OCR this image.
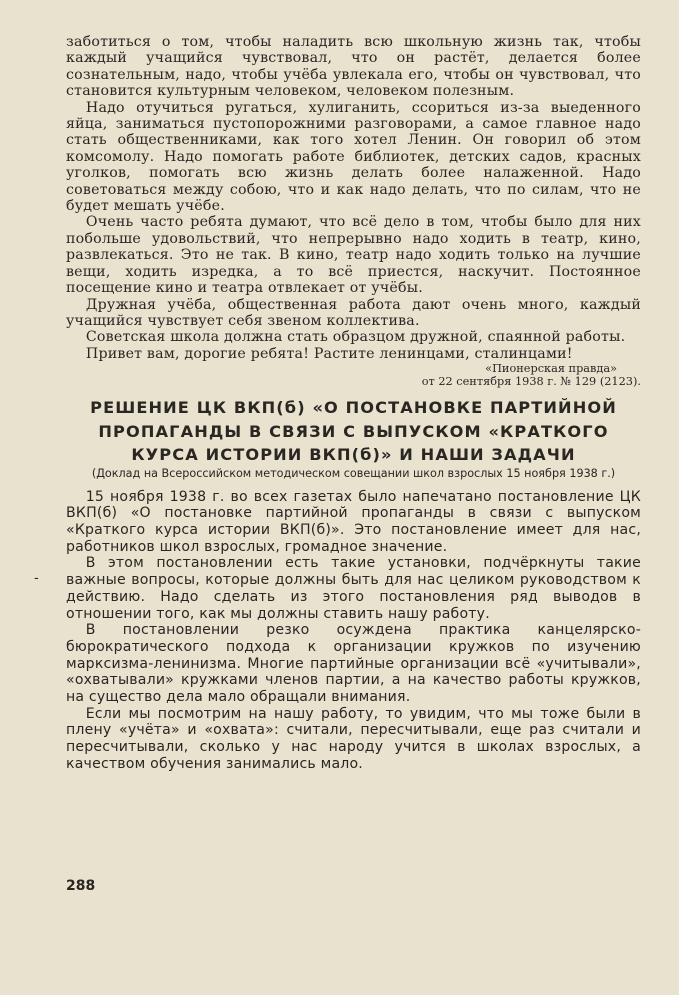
заботиться о том, чтобы наладить всю школьную жизнь так, чтобы каждый учащийся чувствовал, что он растёт, делается более сознательным, надо, чтобы учёба увлекала его, чтобы он чувствовал, что становится культурным человеком, человеком полезным.

Надо отучиться ругаться, хулиганить, ссориться из-за выеденного яйца, заниматься пустопорожними разговорами, а самое главное надо стать общественниками, как того хотел Ленин. Он говорил об этом комсомолу. Надо помогать работе библиотек, детских садов, красных уголков, помогать всю жизнь делать более налаженной. Надо советоваться между собою, что и как надо делать, что по силам, что не будет мешать учёбе.

Очень часто ребята думают, что всё дело в том, чтобы было для них побольше удовольствий, что непрерывно надо ходить в театр, кино, развлекаться. Это не так. В кино, театр надо ходить только на лучшие вещи, ходить изредка, а то всё приестся, наскучит. Постоянное посещение кино и театра отвлекает от учёбы.

Дружная учёба, общественная работа дают очень много, каждый учащийся чувствует себя звеном коллектива.

Советская школа должна стать образцом дружной, спаянной работы.

Привет вам, дорогие ребята! Растите ленинцами, сталинцами!

«Пионерская правда»
от 22 сентября 1938 г. № 129 (2123).

РЕШЕНИЕ ЦК ВКП(б) «О ПОСТАНОВКЕ ПАРТИЙНОЙ ПРОПАГАНДЫ В СВЯЗИ С ВЫПУСКОМ «КРАТКОГО КУРСА ИСТОРИИ ВКП(б)» И НАШИ ЗАДАЧИ

(Доклад на Всероссийском методическом совещании школ взрослых 15 ноября 1938 г.)

15 ноября 1938 г. во всех газетах было напечатано постановление ЦК ВКП(б) «О постановке партийной пропаганды в связи с выпуском «Краткого курса истории ВКП(б)». Это постановление имеет для нас, работников школ взрослых, громадное значение.

В этом постановлении есть такие установки, подчёркнуты такие важные вопросы, которые должны быть для нас целиком руководством к действию. Надо сделать из этого постановления ряд выводов в отношении того, как мы должны ставить нашу работу.

В постановлении резко осуждена практика канцелярско-бюрократического подхода к организации кружков по изучению марксизма-ленинизма. Многие партийные организации всё «учитывали», «охватывали» кружками членов партии, а на качество работы кружков, на существо дела мало обращали внимания.

Если мы посмотрим на нашу работу, то увидим, что мы тоже были в плену «учёта» и «охвата»: считали, пересчитывали, еще раз считали и пересчитывали, сколько у нас народу учится в школах взрослых, а качеством обучения занимались мало.

-
288
